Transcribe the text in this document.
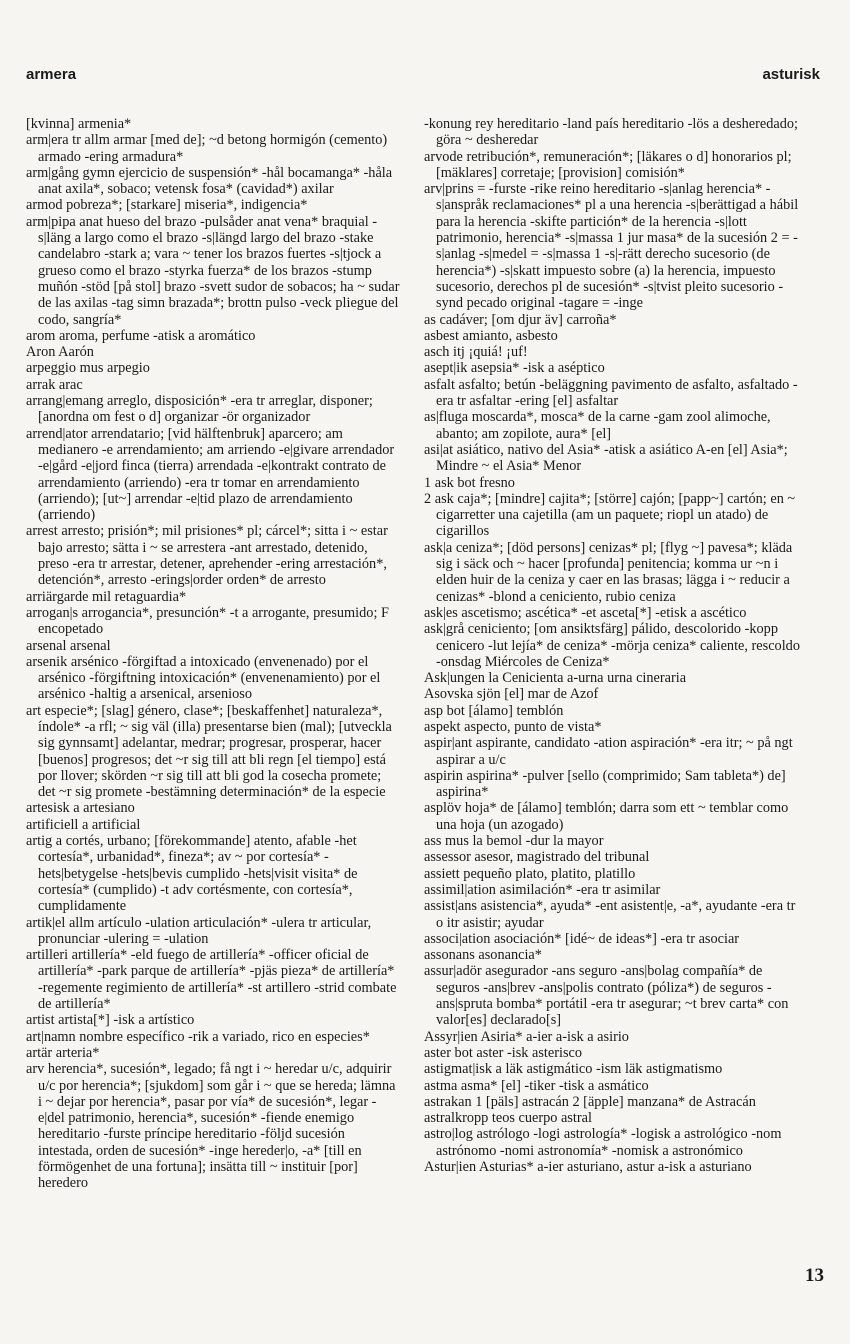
armera	asturisk

[kvinna] armenia*

arm|era tr allm armar [med de]; ~d betong hormigón (cemento) armado -ering armadura*

arm|gång gymn ejercicio de suspensión* -hål bocamanga* -håla anat axila*, sobaco; vetensk fosa* (cavidad*) axilar

armod pobreza*; [starkare] miseria*, indigencia*

arm|pipa anat hueso del brazo -pulsåder anat vena* braquial -s|läng a largo como el brazo -s|längd largo del brazo -stake candelabro -stark a; vara ~ tener los brazos fuertes -s|tjock a grueso como el brazo -styrka fuerza* de los brazos -stump muñón -stöd [på stol] brazo -svett sudor de sobacos; ha ~ sudar de las axilas -tag simn brazada*; brottn pulso -veck pliegue del codo, sangría*

arom aroma, perfume -atisk a aromático

Aron Aarón

arpeggio mus arpegio

arrak arac

arrang|emang arreglo, disposición* -era tr arreglar, disponer; [anordna om fest o d] organizar -ör organizador

arrend|ator arrendatario; [vid hälftenbruk] aparcero; am medianero -e arrendamiento; am arriendo -e|givare arrendador -e|gård -e|jord finca (tierra) arrendada -e|kontrakt contrato de arrendamiento (arriendo) -era tr tomar en arrendamiento (arriendo); [ut~] arrendar -e|tid plazo de arrendamiento (arriendo)

arrest arresto; prisión*; mil prisiones* pl; cárcel*; sitta i ~ estar bajo arresto; sätta i ~ se arrestera -ant arrestado, detenido, preso -era tr arrestar, detener, aprehender -ering arrestación*, detención*, arresto -erings|order orden* de arresto

arriärgarde mil retaguardia*

arrogan|s arrogancia*, presunción* -t a arrogante, presumido; F encopetado

arsenal arsenal

arsenik arsénico -förgiftad a intoxicado (envenenado) por el arsénico -förgiftning intoxicación* (envenenamiento) por el arsénico -haltig a arsenical, arsenioso

art especie*; [slag] género, clase*; [beskaffenhet] naturaleza*, índole* -a rfl; ~ sig väl (illa) presentarse bien (mal); [utveckla sig gynnsamt] adelantar, medrar; progresar, prosperar, hacer [buenos] progresos; det ~r sig till att bli regn [el tiempo] está por llover; skörden ~r sig till att bli god la cosecha promete; det ~r sig promete -bestämning determinación* de la especie

artesisk a artesiano

artificiell a artificial

artig a cortés, urbano; [förekommande] atento, afable -het cortesía*, urbanidad*, fineza*; av ~ por cortesía* -hets|betygelse -hets|bevis cumplido -hets|visit visita* de cortesía* (cumplido) -t adv cortésmente, con cortesía*, cumplidamente

artik|el allm artículo -ulation articulación* -ulera tr articular, pronunciar -ulering = -ulation

artilleri artillería* -eld fuego de artillería* -officer oficial de artillería* -park parque de artillería* -pjäs pieza* de artillería* -regemente regimiento de artillería* -st artillero -strid combate de artillería*

artist artista[*] -isk a artístico

art|namn nombre específico -rik a variado, rico en especies*

artär arteria*

arv herencia*, sucesión*, legado; få ngt i ~ heredar u/c, adquirir u/c por herencia*; [sjukdom] som går i ~ que se hereda; lämna i ~ dejar por herencia*, pasar por vía* de sucesión*, legar -e|del patrimonio, herencia*, sucesión* -fiende enemigo hereditario -furste príncipe hereditario -följd sucesión intestada, orden de sucesión* -inge hereder|o, -a* [till en förmögenhet de una fortuna]; insätta till ~ instituir [por] heredero

-konung rey hereditario -land país hereditario -lös a desheredado; göra ~ desheredar

arvode retribución*, remuneración*; [läkares o d] honorarios pl; [mäklares] corretaje; [provision] comisión*

arv|prins = -furste -rike reino hereditario -s|anlag herencia* -s|anspråk reclamaciones* pl a una herencia -s|berättigad a hábil para la herencia -skifte partición* de la herencia -s|lott patrimonio, herencia* -s|massa 1 jur masa* de la sucesión 2 = -s|anlag -s|medel = -s|massa 1 -s|-rätt derecho sucesorio (de herencia*) -s|skatt impuesto sobre (a) la herencia, impuesto sucesorio, derechos pl de sucesión* -s|tvist pleito sucesorio -synd pecado original -tagare = -inge

as cadáver; [om djur äv] carroña*

asbest amianto, asbesto

asch itj ¡quiá! ¡uf!

asept|ik asepsia* -isk a aséptico

asfalt asfalto; betún -beläggning pavimento de asfalto, asfaltado -era tr asfaltar -ering [el] asfaltar

as|fluga moscarda*, mosca* de la carne -gam zool alimoche, abanto; am zopilote, aura* [el]

asi|at asiático, nativo del Asia* -atisk a asiático A-en [el] Asia*; Mindre ~ el Asia* Menor

1 ask bot fresno

2 ask caja*; [mindre] cajita*; [större] cajón; [papp~] cartón; en ~ cigarretter una cajetilla (am un paquete; riopl un atado) de cigarillos

ask|a ceniza*; [död persons] cenizas* pl; [flyg ~] pavesa*; kläda sig i säck och ~ hacer [profunda] penitencia; komma ur ~n i elden huir de la ceniza y caer en las brasas; lägga i ~ reducir a cenizas* -blond a ceniciento, rubio ceniza

ask|es ascetismo; ascética* -et asceta[*] -etisk a ascético

ask|grå ceniciento; [om ansiktsfärg] pálido, descolorido -kopp cenicero -lut lejía* de ceniza* -mörja ceniza* caliente, rescoldo -onsdag Miércoles de Ceniza*

Ask|ungen la Cenicienta a-urna urna cineraria

Asovska sjön [el] mar de Azof

asp bot [álamo] temblón

aspekt aspecto, punto de vista*

aspir|ant aspirante, candidato -ation aspiración* -era itr; ~ på ngt aspirar a u/c

aspirin aspirina* -pulver [sello (comprimido; Sam tableta*) de] aspirina*

asplöv hoja* de [álamo] temblón; darra som ett ~ temblar como una hoja (un azogado)

ass mus la bemol -dur la mayor

assessor asesor, magistrado del tribunal

assiett pequeño plato, platito, platillo

assimil|ation asimilación* -era tr asimilar

assist|ans asistencia*, ayuda* -ent asistent|e, -a*, ayudante -era tr o itr asistir; ayudar

associ|ation asociación* [idé~ de ideas*] -era tr asociar

assonans asonancia*

assur|adör asegurador -ans seguro -ans|bolag compañía* de seguros -ans|brev -ans|polis contrato (póliza*) de seguros -ans|spruta bomba* portátil -era tr asegurar; ~t brev carta* con valor[es] declarado[s]

Assyr|ien Asiria* a-ier a-isk a asirio

aster bot aster -isk asterisco

astigmat|isk a läk astigmático -ism läk astigmatismo

astma asma* [el] -tiker -tisk a asmático

astrakan 1 [päls] astracán 2 [äpple] manzana* de Astracán

astralkropp teos cuerpo astral

astro|log astrólogo -logi astrología* -logisk a astrológico -nom astrónomo -nomi astronomía* -nomisk a astronómico

Astur|ien Asturias* a-ier asturiano, astur a-isk a asturiano

13
